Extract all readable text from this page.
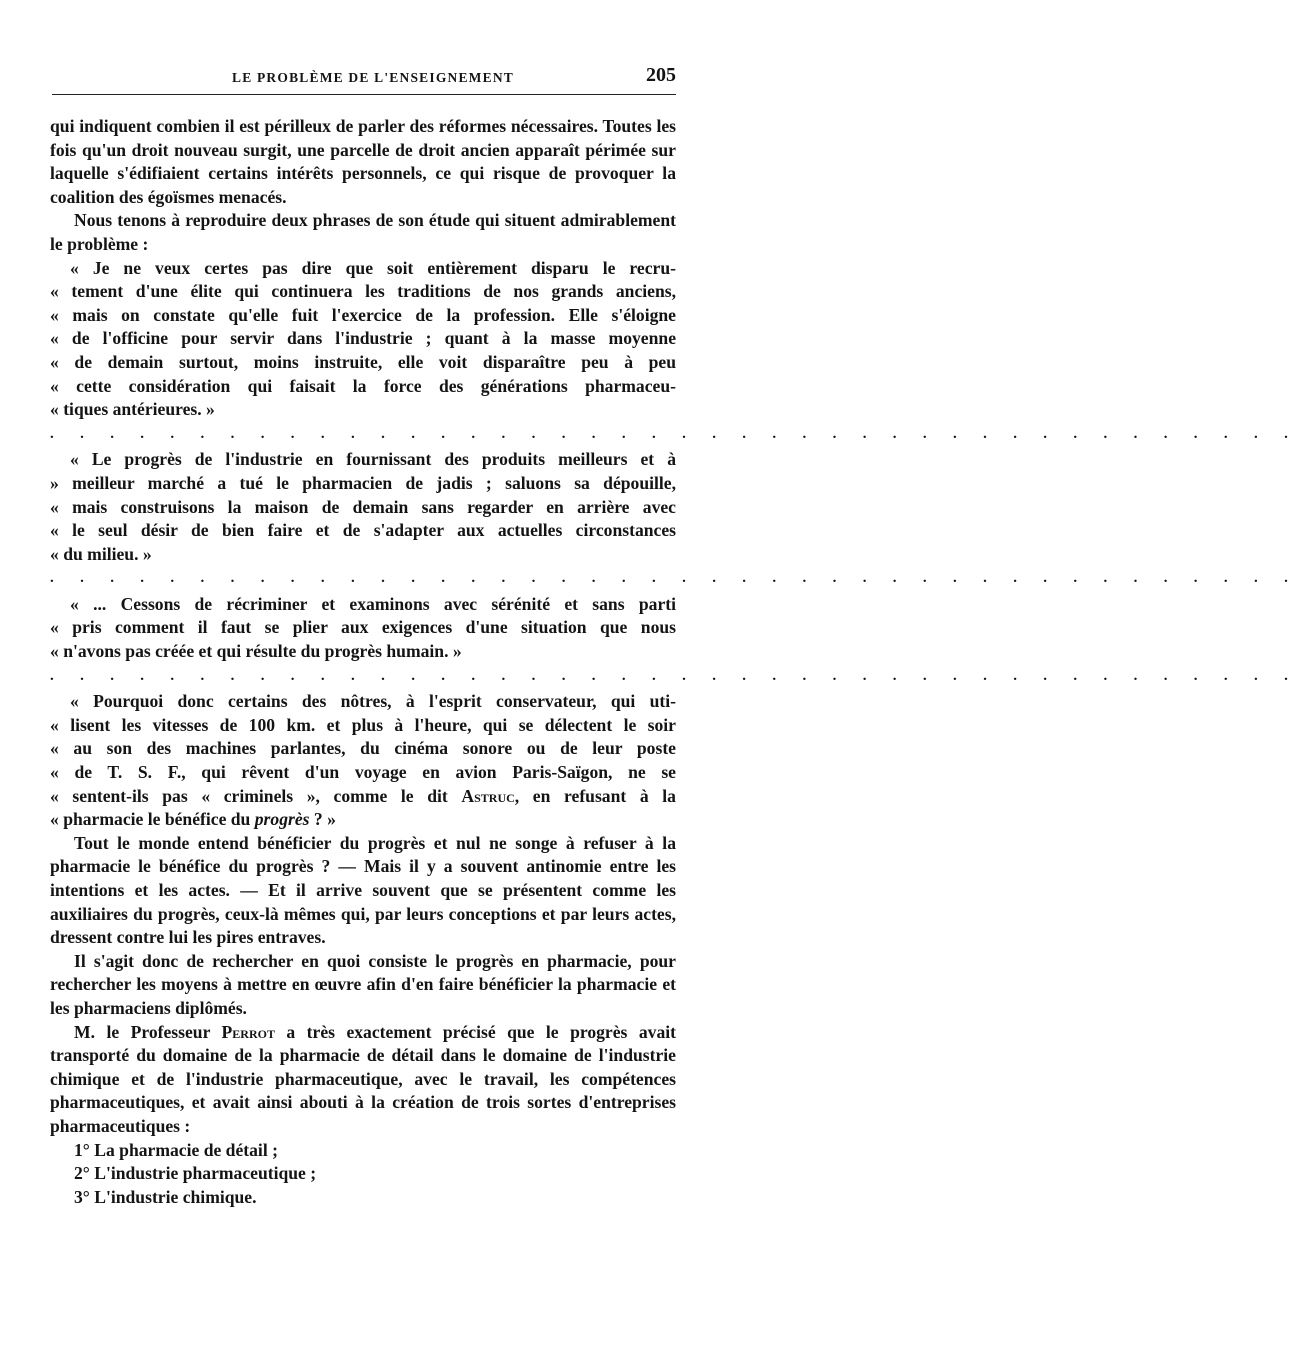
LE PROBLÈME DE L'ENSEIGNEMENT	205

qui indiquent combien il est périlleux de parler des réformes nécessaires. Toutes les fois qu'un droit nouveau surgit, une parcelle de droit ancien apparaît périmée sur laquelle s'édifiaient certains intérêts personnels, ce qui risque de provoquer la coalition des égoïsmes menacés.

Nous tenons à reproduire deux phrases de son étude qui situent admirablement le problème :

« Je ne veux certes pas dire que soit entièrement disparu le recru-
« tement d'une élite qui continuera les traditions de nos grands anciens,
« mais on constate qu'elle fuit l'exercice de la profession. Elle s'éloigne
« de l'officine pour servir dans l'industrie ; quant à la masse moyenne
« de demain surtout, moins instruite, elle voit disparaître peu à peu
« cette considération qui faisait la force des générations pharmaceu-
« tiques antérieures. »
. . . . . . . . . . . . . . . . . . . . . . . . . . . . . . . . . . . . . . . . . .
« Le progrès de l'industrie en fournissant des produits meilleurs et à
» meilleur marché a tué le pharmacien de jadis ; saluons sa dépouille,
« mais construisons la maison de demain sans regarder en arrière avec
« le seul désir de bien faire et de s'adapter aux actuelles circonstances
« du milieu. »
. . . . . . . . . . . . . . . . . . . . . . . . . . . . . . . . . . . . . . . . . .
« ... Cessons de récriminer et examinons avec sérénité et sans parti
« pris comment il faut se plier aux exigences d'une situation que nous
« n'avons pas créée et qui résulte du progrès humain. »
. . . . . . . . . . . . . . . . . . . . . . . . . . . . . . . . . . . . . . . . . .
« Pourquoi donc certains des nôtres, à l'esprit conservateur, qui uti-
« lisent les vitesses de 100 km. et plus à l'heure, qui se délectent le soir
« au son des machines parlantes, du cinéma sonore ou de leur poste
« de T. S. F., qui rêvent d'un voyage en avion Paris-Saïgon, ne se
« sentent-ils pas « criminels », comme le dit Astruc, en refusant à la
« pharmacie le bénéfice du progrès ? »

Tout le monde entend bénéficier du progrès et nul ne songe à refuser à la pharmacie le bénéfice du progrès ? — Mais il y a souvent antinomie entre les intentions et les actes. — Et il arrive souvent que se présentent comme les auxiliaires du progrès, ceux-là mêmes qui, par leurs conceptions et par leurs actes, dressent contre lui les pires entraves.

Il s'agit donc de rechercher en quoi consiste le progrès en pharmacie, pour rechercher les moyens à mettre en œuvre afin d'en faire bénéficier la pharmacie et les pharmaciens diplômés.

M. le Professeur Perrot a très exactement précisé que le progrès avait transporté du domaine de la pharmacie de détail dans le domaine de l'industrie chimique et de l'industrie pharmaceutique, avec le travail, les compétences pharmaceutiques, et avait ainsi abouti à la création de trois sortes d'entreprises pharmaceutiques :

1° La pharmacie de détail ;

2° L'industrie pharmaceutique ;

3° L'industrie chimique.
